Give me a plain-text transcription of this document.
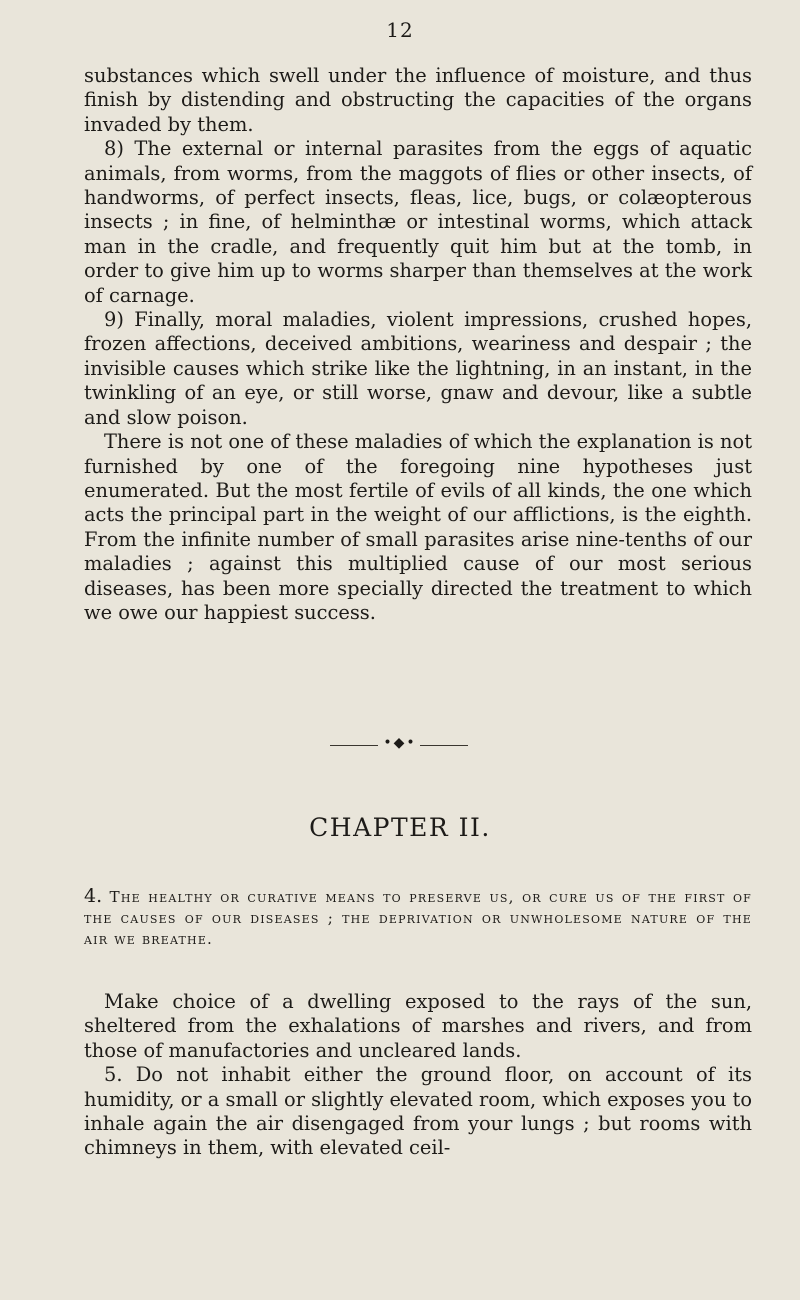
12

substances which swell under the influence of moisture, and thus finish by distending and obstructing the capacities of the organs invaded by them.

8) The external or internal parasites from the eggs of aquatic animals, from worms, from the maggots of flies or other insects, of handworms, of perfect insects, fleas, lice, bugs, or colæopterous insects ; in fine, of helminthæ or intestinal worms, which attack man in the cradle, and frequently quit him but at the tomb, in order to give him up to worms sharper than themselves at the work of carnage.

9) Finally, moral maladies, violent impressions, crushed hopes, frozen affections, deceived ambitions, weariness and despair ; the invisible causes which strike like the lightning, in an instant, in the twinkling of an eye, or still worse, gnaw and devour, like a subtle and slow poison.

There is not one of these maladies of which the explanation is not furnished by one of the foregoing nine hypotheses just enumerated. But the most fertile of evils of all kinds, the one which acts the principal part in the weight of our afflictions, is the eighth. From the infinite number of small parasites arise nine-tenths of our maladies ; against this multiplied cause of our most serious diseases, has been more specially directed the treatment to which we owe our happiest success.

•◆•
CHAPTER II.
4. The healthy or curative means to preserve us, or cure us of the first of the causes of our diseases ; the deprivation or unwholesome nature of the air we breathe.

Make choice of a dwelling exposed to the rays of the sun, sheltered from the exhalations of marshes and rivers, and from those of manufactories and uncleared lands.

5. Do not inhabit either the ground floor, on account of its humidity, or a small or slightly elevated room, which exposes you to inhale again the air disengaged from your lungs ; but rooms with chimneys in them, with elevated ceil-
